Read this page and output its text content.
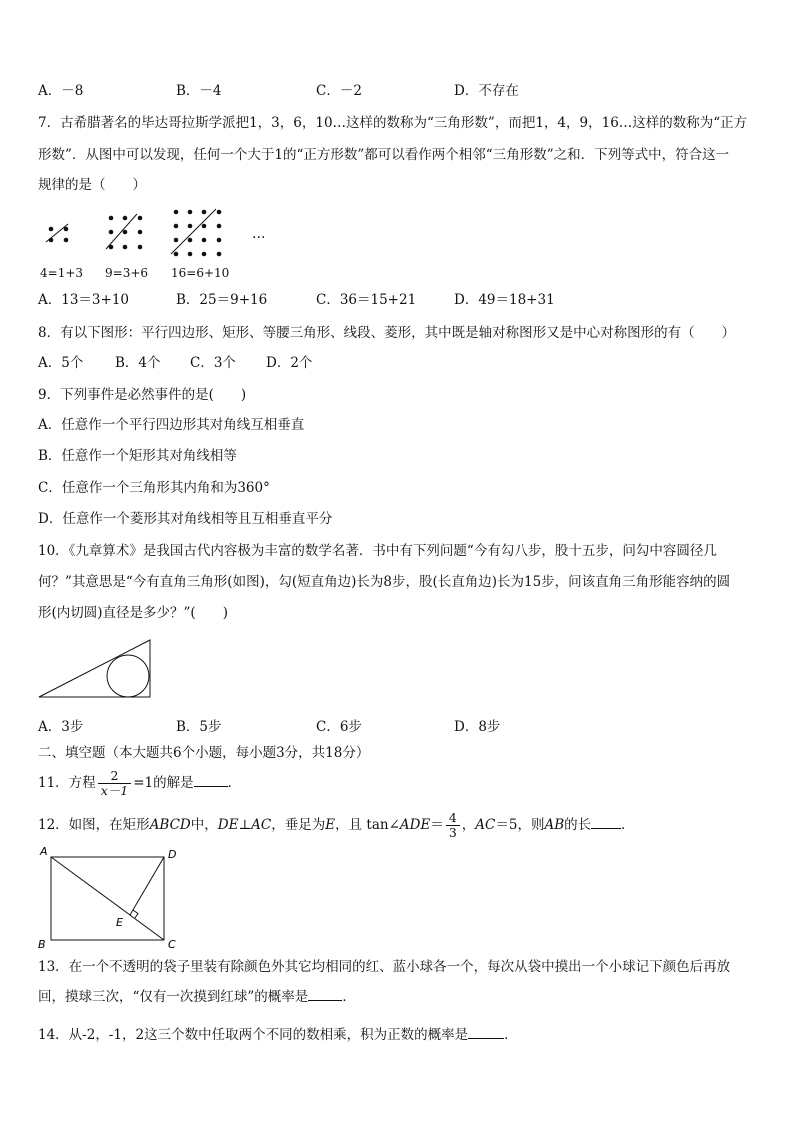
A．－8	B．－4	C．－2	D．不存在
7．古希腊著名的毕达哥拉斯学派把1，3，6，10…这样的数称为“三角形数”，而把1，4，9，16…这样的数称为“正方
形数”．从图中可以发现，任何一个大于1的“正方形数”都可以看作两个相邻“三角形数”之和．下列等式中，符合这一
规律的是（　　）
…
4=1+3 9=3+6 16=6+10
A．13＝3+10	B．25＝9+16	C．36＝15+21	D．49＝18+31
8．有以下图形：平行四边形、矩形、等腰三角形、线段、菱形，其中既是轴对称图形又是中心对称图形的有（　　）
A．5个 B．4个 C．3个 D．2个
9．下列事件是必然事件的是(　　)
A．任意作一个平行四边形其对角线互相垂直
B．任意作一个矩形其对角线相等
C．任意作一个三角形其内角和为360°
D．任意作一个菱形其对角线相等且互相垂直平分
10．《九章算术》是我国古代内容极为丰富的数学名著．书中有下列问题“今有勾八步，股十五步，问勾中容圆径几
何？”其意思是“今有直角三角形(如图)，勾(短直角边)长为8步，股(长直角边)长为15步，问该直角三角形能容纳的圆
形(内切圆)直径是多少？”(　　)
A．3步	B．5步	C．6步	D．8步
二、填空题（本大题共6个小题，每小题3分，共18分）
11．方程 $\frac{2}{x-1} =1$的解是	．
12．如图，在矩形ABCD中，DE⊥AC，垂足为E，且 tan∠ADE＝ $\frac{4}{3}$ ，AC＝5，则AB的长 ．
A
B	C
D
E
13．在一个不透明的袋子里装有除颜色外其它均相同的红、蓝小球各一个，每次从袋中摸出一个小球记下颜色后再放
回，摸球三次，“仅有一次摸到红球”的概率是	．
14．从-2，-1，2这三个数中任取两个不同的数相乘，积为正数的概率是	．
